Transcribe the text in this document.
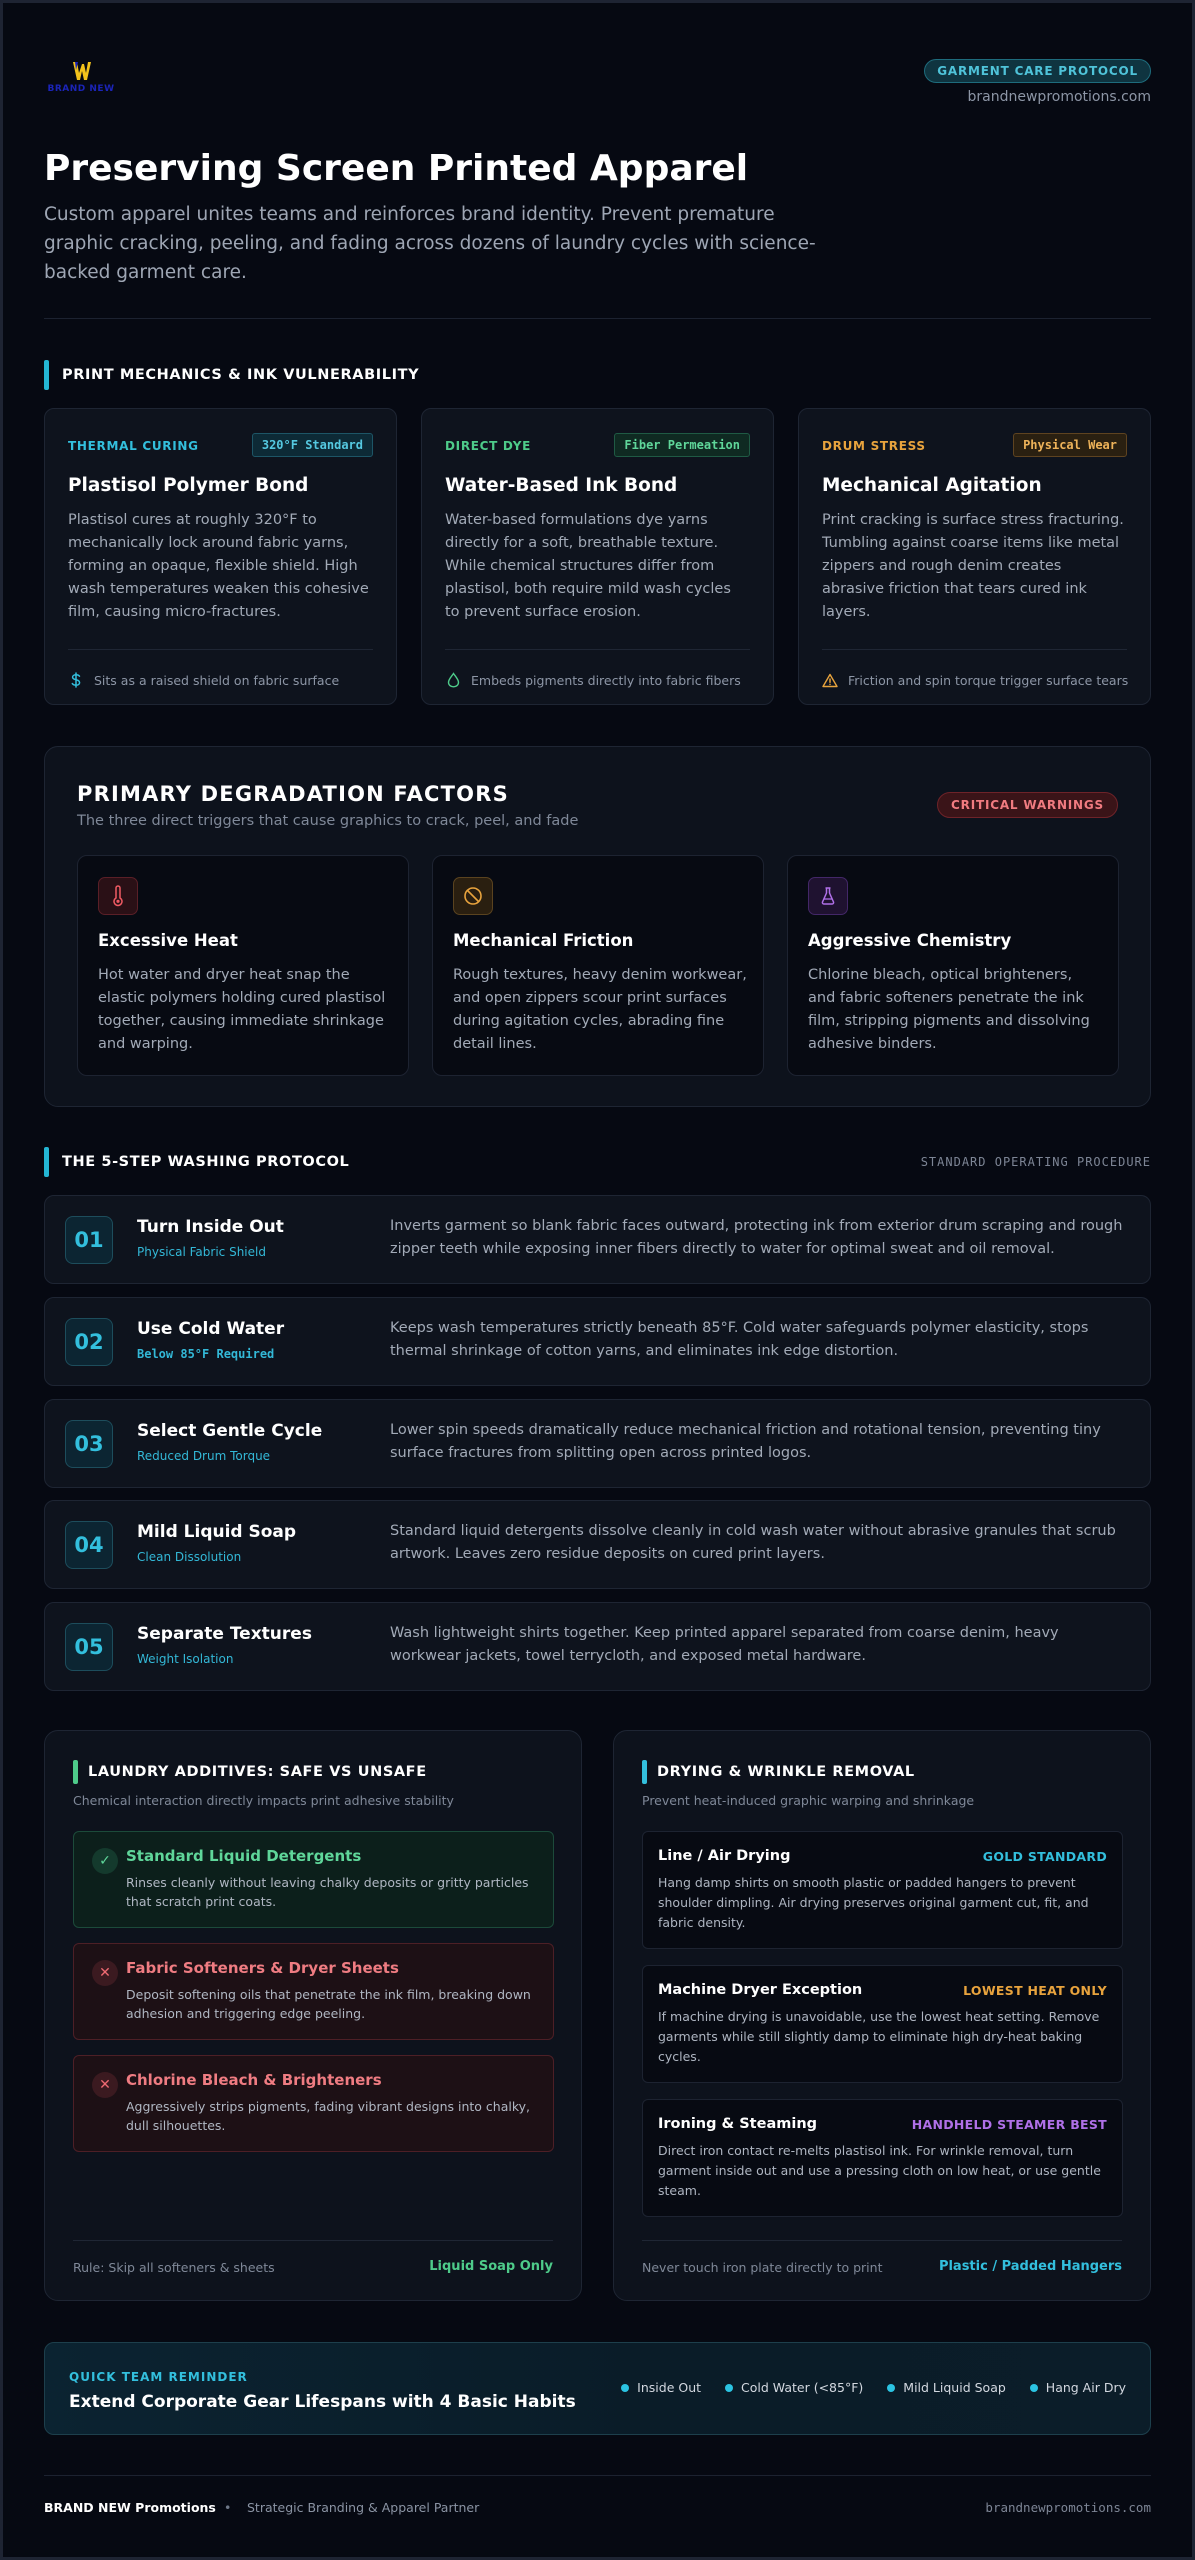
BRAND NEW
GARMENT CARE PROTOCOL
brandnewpromotions.com
Preserving Screen Printed Apparel

Custom apparel unites teams and reinforces brand identity. Prevent premature graphic cracking, peeling, and fading across dozens of laundry cycles with science-backed garment care.

PRINT MECHANICS & INK VULNERABILITY
THERMAL CURING	320°F Standard
Plastisol Polymer Bond
Plastisol cures at roughly 320°F to mechanically lock around fabric yarns, forming an opaque, flexible shield. High wash temperatures weaken this cohesive film, causing micro-fractures.
Sits as a raised shield on fabric surface
DIRECT DYE	Fiber Permeation
Water-Based Ink Bond
Water-based formulations dye yarns directly for a soft, breathable texture. While chemical structures differ from plastisol, both require mild wash cycles to prevent surface erosion.
Embeds pigments directly into fabric fibers
DRUM STRESS	Physical Wear
Mechanical Agitation
Print cracking is surface stress fracturing. Tumbling against coarse items like metal zippers and rough denim creates abrasive friction that tears cured ink layers.
Friction and spin torque trigger surface tears
PRIMARY DEGRADATION FACTORS
The three direct triggers that cause graphics to crack, peel, and fade
CRITICAL WARNINGS
Excessive Heat
Hot water and dryer heat snap the elastic polymers holding cured plastisol together, causing immediate shrinkage and warping.
Mechanical Friction
Rough textures, heavy denim workwear, and open zippers scour print surfaces during agitation cycles, abrading fine detail lines.
Aggressive Chemistry
Chlorine bleach, optical brighteners, and fabric softeners penetrate the ink film, stripping pigments and dissolving adhesive binders.
THE 5-STEP WASHING PROTOCOL	STANDARD OPERATING PROCEDURE
01
Turn Inside Out
Physical Fabric Shield
Inverts garment so blank fabric faces outward, protecting ink from exterior drum scraping and rough zipper teeth while exposing inner fibers directly to water for optimal sweat and oil removal.
02
Use Cold Water
Below 85°F Required
Keeps wash temperatures strictly beneath 85°F. Cold water safeguards polymer elasticity, stops thermal shrinkage of cotton yarns, and eliminates ink edge distortion.
03
Select Gentle Cycle
Reduced Drum Torque
Lower spin speeds dramatically reduce mechanical friction and rotational tension, preventing tiny surface fractures from splitting open across printed logos.
04
Mild Liquid Soap
Clean Dissolution
Standard liquid detergents dissolve cleanly in cold wash water without abrasive granules that scrub artwork. Leaves zero residue deposits on cured print layers.
05
Separate Textures
Weight Isolation
Wash lightweight shirts together. Keep printed apparel separated from coarse denim, heavy workwear jackets, towel terrycloth, and exposed metal hardware.
LAUNDRY ADDITIVES: SAFE VS UNSAFE
Chemical interaction directly impacts print adhesive stability
✓	Standard Liquid Detergents
Rinses cleanly without leaving chalky deposits or gritty particles that scratch print coats.
✕	Fabric Softeners & Dryer Sheets
Deposit softening oils that penetrate the ink film, breaking down adhesion and triggering edge peeling.
✕	Chlorine Bleach & Brighteners
Aggressively strips pigments, fading vibrant designs into chalky, dull silhouettes.
Rule: Skip all softeners & sheets	Liquid Soap Only
DRYING & WRINKLE REMOVAL
Prevent heat-induced graphic warping and shrinkage
Line / Air Drying	GOLD STANDARD
Hang damp shirts on smooth plastic or padded hangers to prevent shoulder dimpling. Air drying preserves original garment cut, fit, and fabric density.
Machine Dryer Exception	LOWEST HEAT ONLY
If machine drying is unavoidable, use the lowest heat setting. Remove garments while still slightly damp to eliminate high dry-heat baking cycles.
Ironing & Steaming	HANDHELD STEAMER BEST
Direct iron contact re-melts plastisol ink. For wrinkle removal, turn garment inside out and use a pressing cloth on low heat, or use gentle steam.
Never touch iron plate directly to print	Plastic / Padded Hangers
QUICK TEAM REMINDER
Extend Corporate Gear Lifespans with 4 Basic Habits
Inside Out	Cold Water (<85°F)	Mild Liquid Soap	Hang Air Dry
BRAND NEW Promotions • Strategic Branding & Apparel Partner	brandnewpromotions.com
